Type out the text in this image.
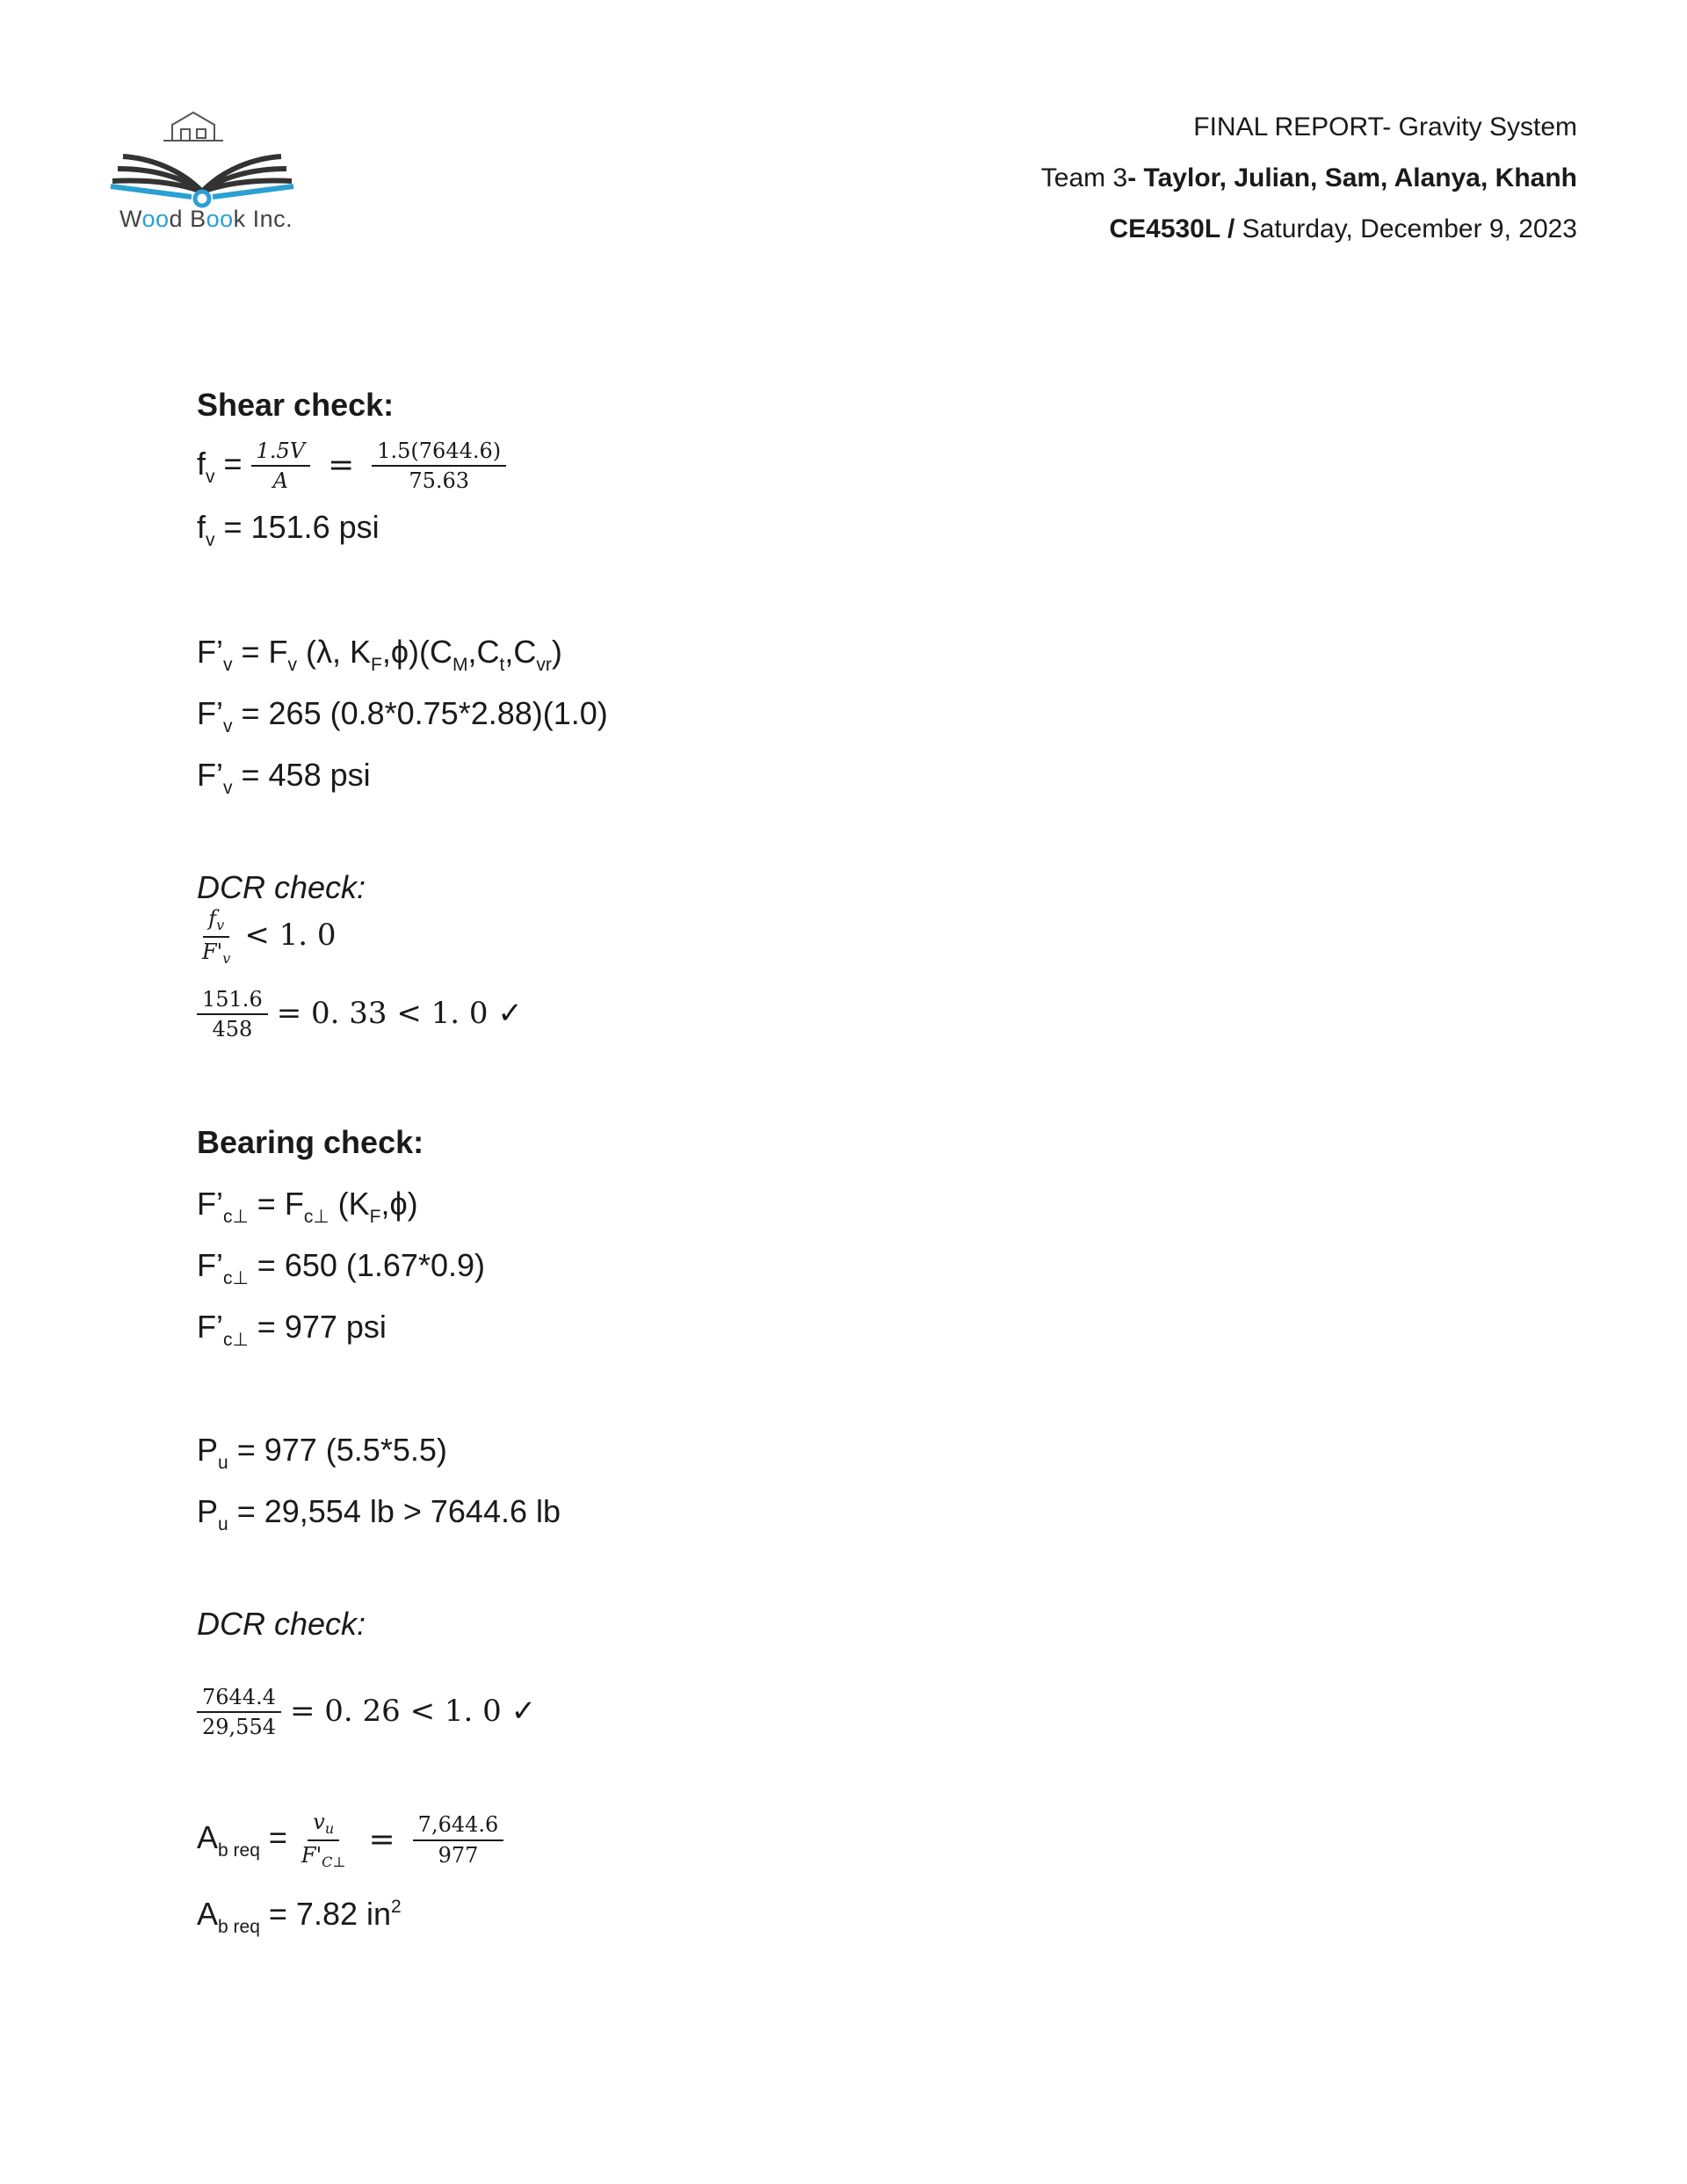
Wood Book Inc.
FINAL REPORT- Gravity System
Team 3- Taylor, Julian, Sam, Alanya, Khanh
CE4530L / Saturday, December 9, 2023
Shear check:
$f_v = \frac{1.5V}{A} = \frac{1.5(7644.6)}{75.63}$
$f_v = 151.6$ psi
$F’_v = F_v$ (λ, $K_F,\phi)(C_M,C_t,C_{vr})$
$F’_v = 265$ (0.8*0.75*2.88)(1.0)
$F’_v = 458$ psi
DCR check:
$\frac{f_v}{F'_v} < 1$. 0
$\frac{151.6}{458} = 0$. 33 < 1. 0 ✓
Bearing check:
$F’_{c\perp} = F_{c\perp}$ $(K_F,\phi)$
$F’_{c\perp} = 650$ (1.67*0.9)
$F’_{c\perp} = 977$ psi
$P_u = 977$ (5.5*5.5)
$P_u = 29,554$ lb > 7644.6 lb
DCR check:
$\frac{7644.4}{29,554} = 0$. 26 < 1. 0 ✓
$A_{b req} = \frac{v_u}{F'_{C\perp}} = \frac{7,644.6}{977}$
$A_{b req} = 7.82$ $in^2$
